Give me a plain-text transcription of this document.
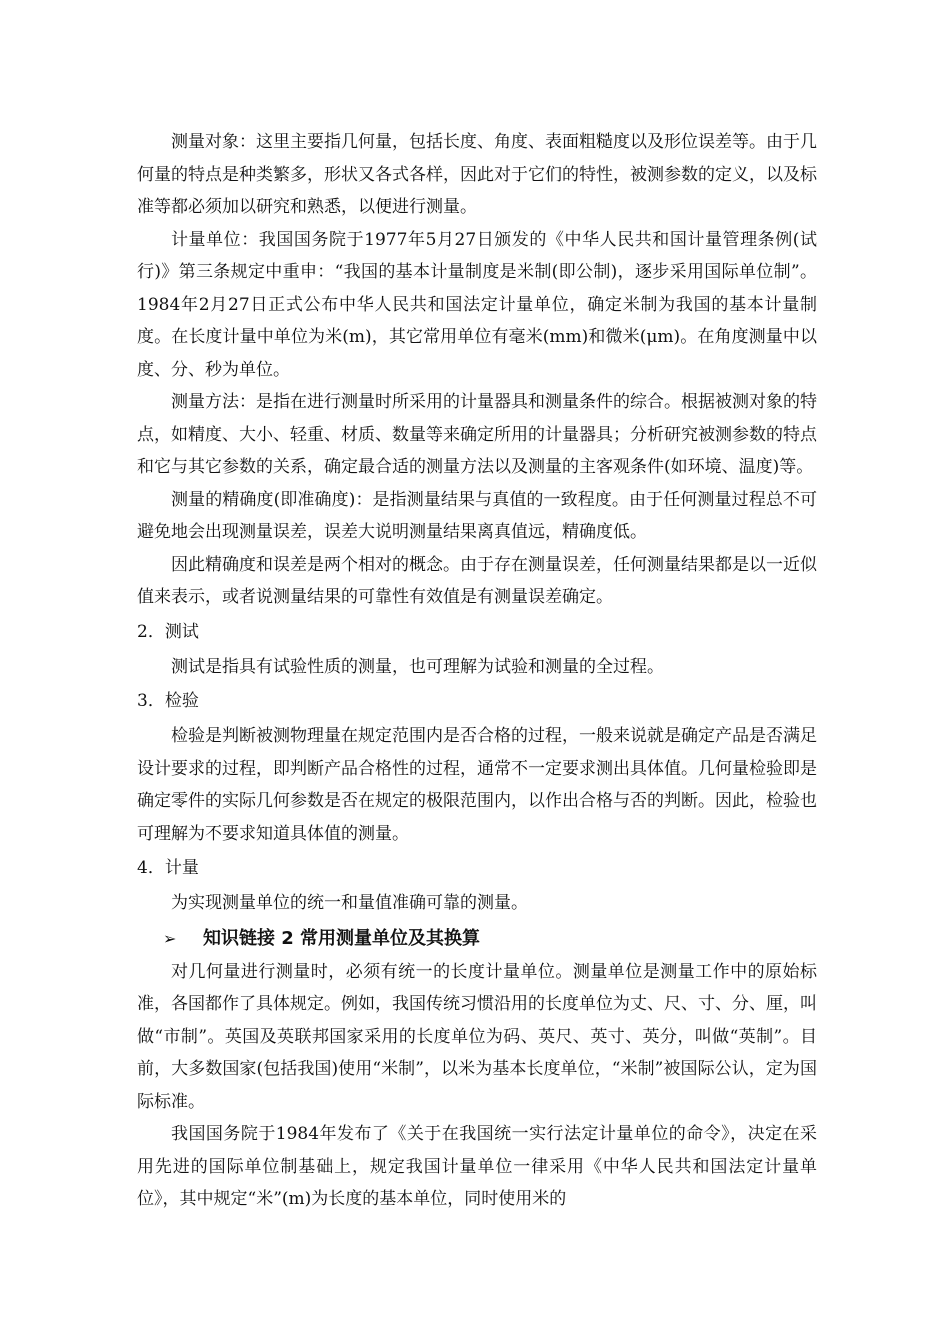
测量对象：这里主要指几何量，包括长度、角度、表面粗糙度以及形位误差等。由于几何量的特点是种类繁多，形状又各式各样，因此对于它们的特性，被测参数的定义，以及标准等都必须加以研究和熟悉，以便进行测量。

计量单位：我国国务院于1977年5月27日颁发的《中华人民共和国计量管理条例(试行)》第三条规定中重申：“我国的基本计量制度是米制(即公制)，逐步采用国际单位制”。1984年2月27日正式公布中华人民共和国法定计量单位，确定米制为我国的基本计量制度。在长度计量中单位为米(m)，其它常用单位有毫米(mm)和微米(μm)。在角度测量中以度、分、秒为单位。

测量方法：是指在进行测量时所采用的计量器具和测量条件的综合。根据被测对象的特点，如精度、大小、轻重、材质、数量等来确定所用的计量器具；分析研究被测参数的特点和它与其它参数的关系，确定最合适的测量方法以及测量的主客观条件(如环境、温度)等。

测量的精确度(即准确度)：是指测量结果与真值的一致程度。由于任何测量过程总不可避免地会出现测量误差，误差大说明测量结果离真值远，精确度低。

因此精确度和误差是两个相对的概念。由于存在测量误差，任何测量结果都是以一近似值来表示，或者说测量结果的可靠性有效值是有测量误差确定。

2．测试

测试是指具有试验性质的测量，也可理解为试验和测量的全过程。

3．检验

检验是判断被测物理量在规定范围内是否合格的过程，一般来说就是确定产品是否满足设计要求的过程，即判断产品合格性的过程，通常不一定要求测出具体值。几何量检验即是确定零件的实际几何参数是否在规定的极限范围内，以作出合格与否的判断。因此，检验也可理解为不要求知道具体值的测量。

4．计量

为实现测量单位的统一和量值准确可靠的测量。

➢	知识链接 2 常用测量单位及其换算

对几何量进行测量时，必须有统一的长度计量单位。测量单位是测量工作中的原始标准，各国都作了具体规定。例如，我国传统习惯沿用的长度单位为丈、尺、寸、分、厘，叫做“市制”。英国及英联邦国家采用的长度单位为码、英尺、英寸、英分，叫做“英制”。目前，大多数国家(包括我国)使用“米制”，以米为基本长度单位，“米制”被国际公认，定为国际标准。

我国国务院于1984年发布了《关于在我国统一实行法定计量单位的命令》，决定在采用先进的国际单位制基础上，规定我国计量单位一律采用《中华人民共和国法定计量单位》，其中规定“米”(m)为长度的基本单位，同时使用米的
